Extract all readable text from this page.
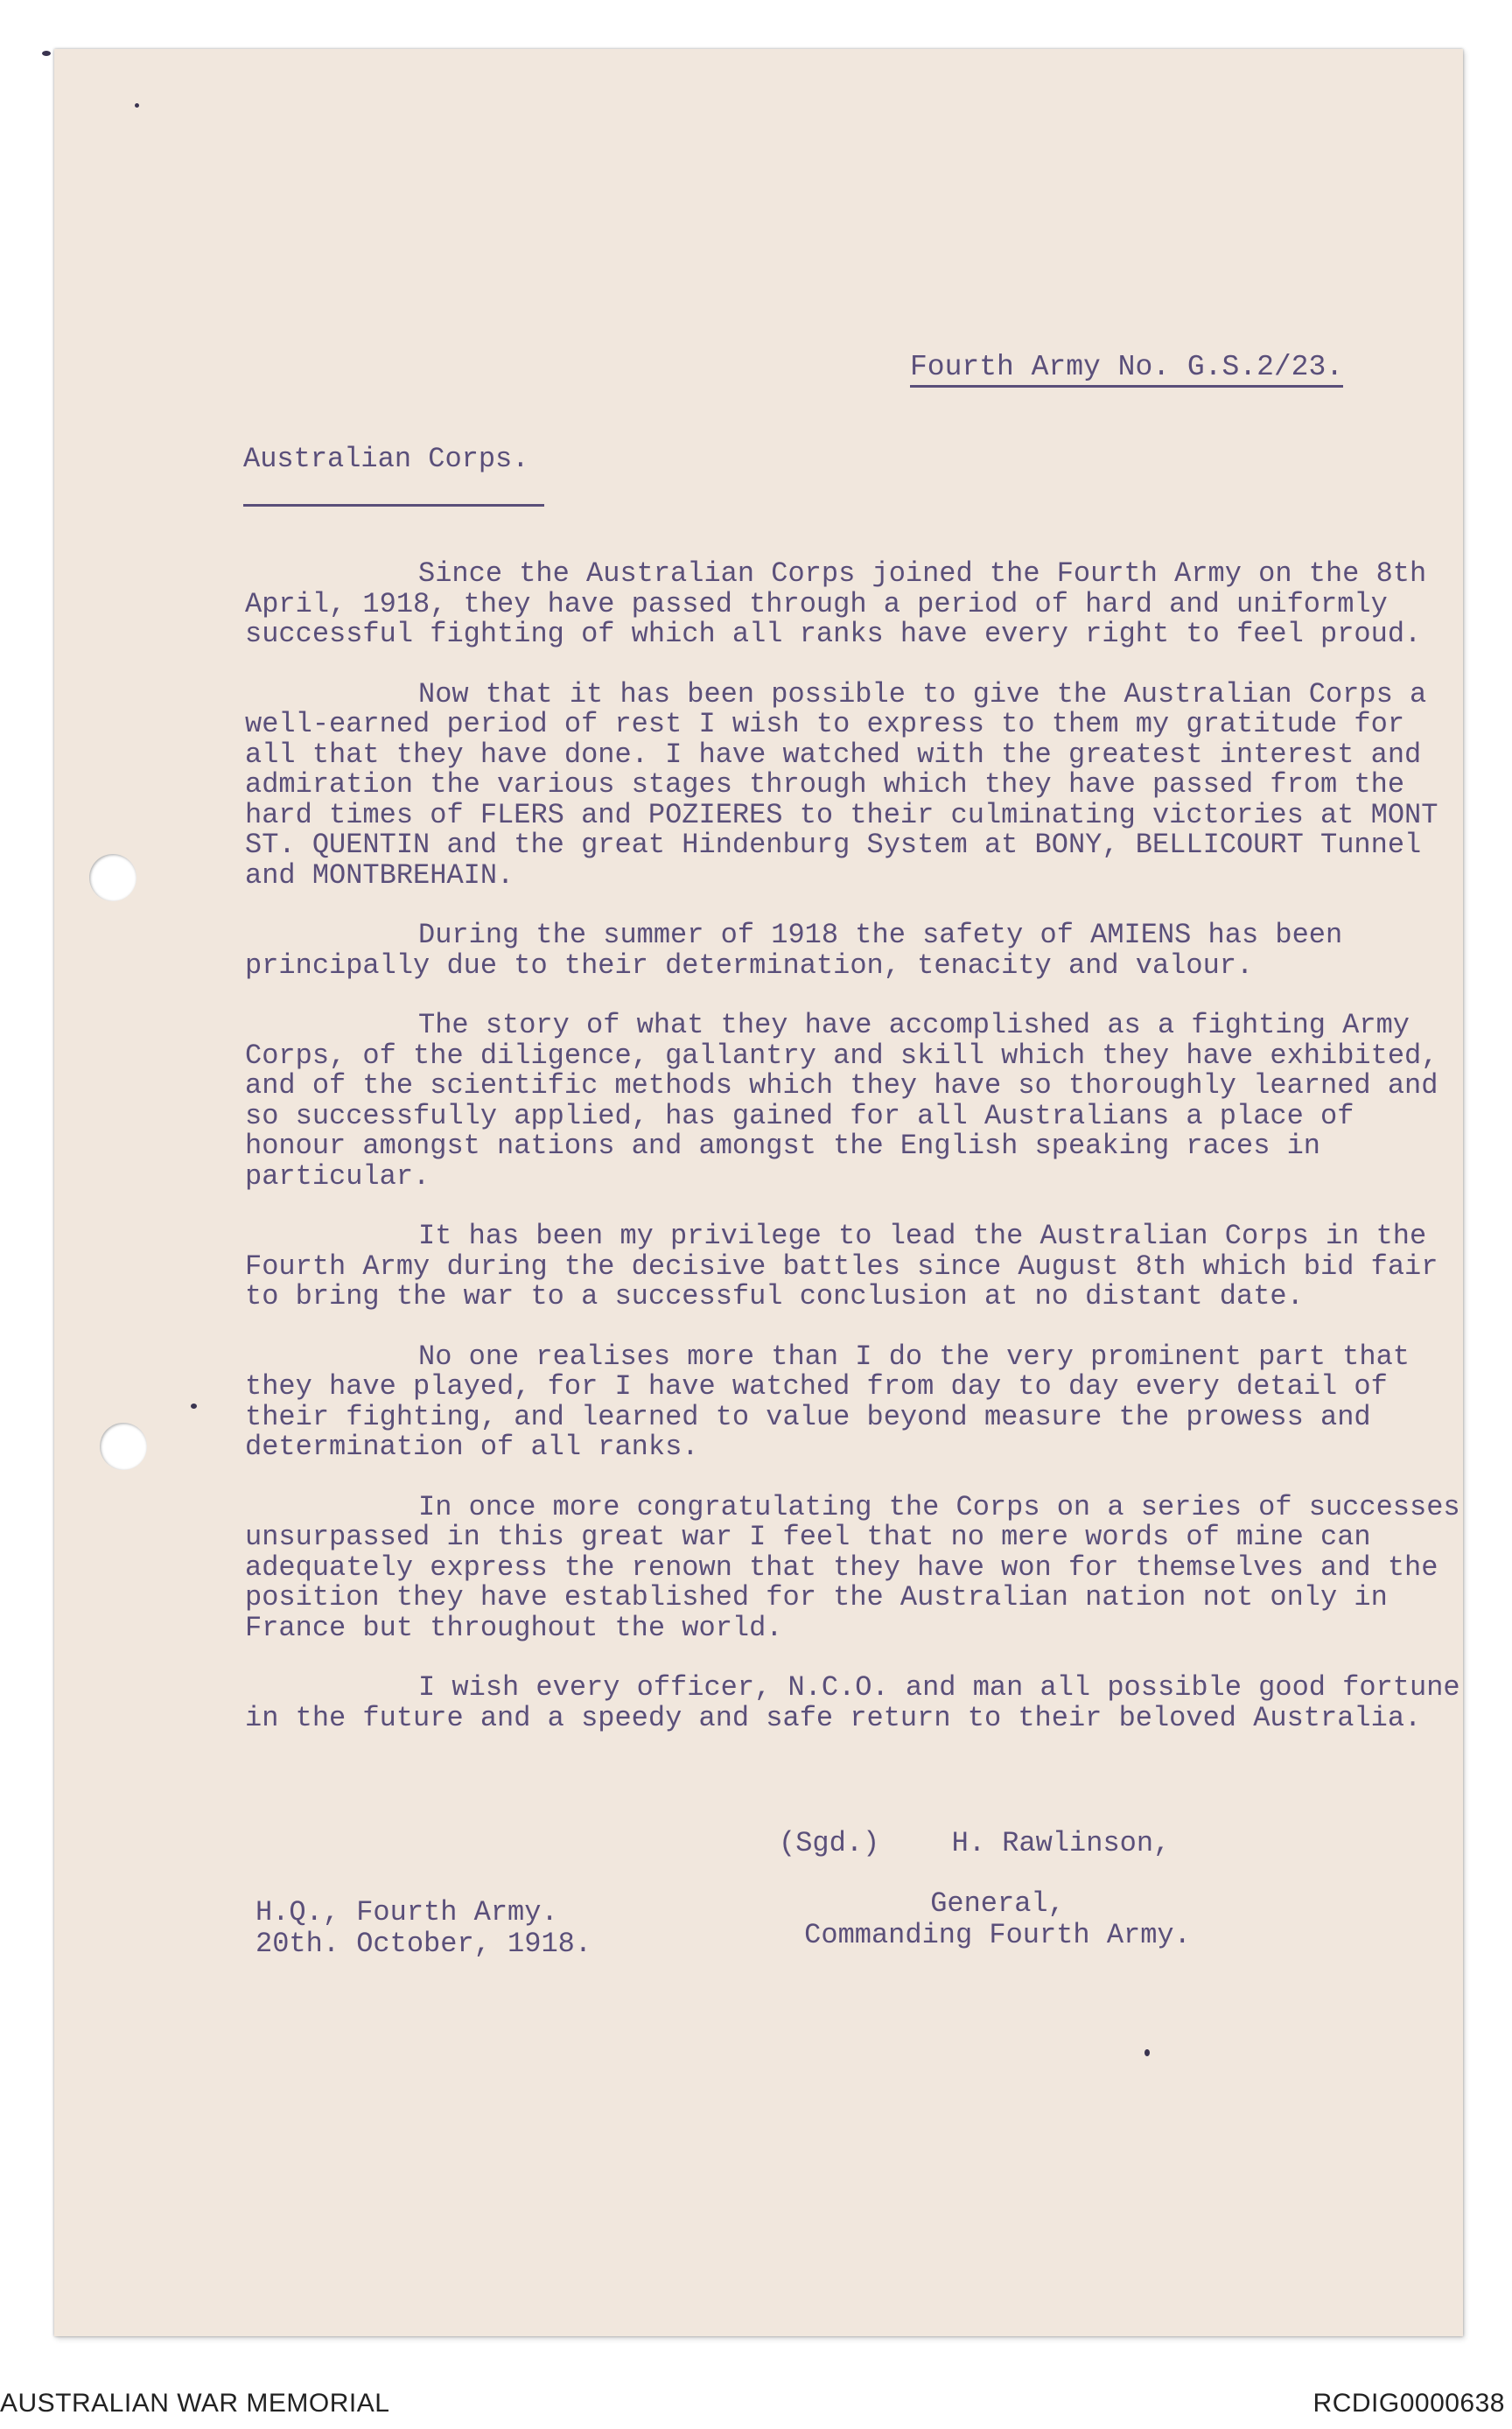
Fourth Army No. G.S.2/23.
Australian Corps.

Since the Australian Corps joined the Fourth Army on the 8th April, 1918, they have passed through a period of hard and uniformly successful fighting of which all ranks have every right to feel proud.

Now that it has been possible to give the Australian Corps a well-earned period of rest I wish to express to them my gratitude for all that they have done. I have watched with the greatest interest and admiration the various stages through which they have passed from the hard times of FLERS and POZIERES to their culminating victories at MONT ST. QUENTIN and the great Hindenburg System at BONY, BELLICOURT Tunnel and MONTBREHAIN.

During the summer of 1918 the safety of AMIENS has been principally due to their determination, tenacity and valour.

The story of what they have accomplished as a fighting Army Corps, of the diligence, gallantry and skill which they have exhibited, and of the scientific methods which they have so thoroughly learned and so successfully applied, has gained for all Australians a place of honour amongst nations and amongst the English speaking races in particular.

It has been my privilege to lead the Australian Corps in the Fourth Army during the decisive battles since August 8th which bid fair to bring the war to a successful conclusion at no distant date.

No one realises more than I do the very prominent part that they have played, for I have watched from day to day every detail of their fighting, and learned to value beyond measure the prowess and determination of all ranks.

In once more congratulating the Corps on a series of successes unsurpassed in this great war I feel that no mere words of mine can adequately express the renown that they have won for themselves and the position they have established for the Australian nation not only in France but throughout the world.

I wish every officer, N.C.O. and man all possible good fortune in the future and a speedy and safe return to their beloved Australia.

(Sgd.)	H. Rawlinson,
General,
Commanding Fourth Army.
H.Q., Fourth Army.
20th. October, 1918.
AUSTRALIAN WAR MEMORIAL	RCDIG0000638
